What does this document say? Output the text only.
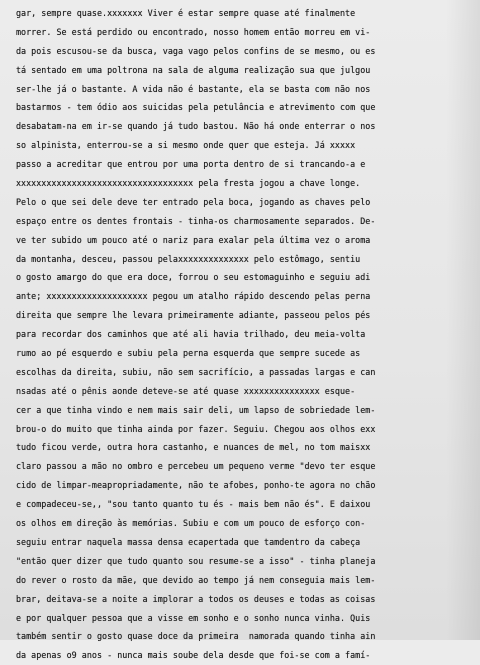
gar, sempre quase.xxxxxxx Viver é estar sempre quase até finalmente
morrer. Se está perdido ou encontrado, nosso homem então morreu em vi-
da pois escusou-se da busca, vaga vago pelos confins de se mesmo, ou es
tá sentado em uma poltrona na sala de alguma realização sua que julgou
ser-lhe já o bastante. A vida não é bastante, ela se basta com não nos
bastarmos - tem ódio aos suicidas pela petulância e atrevimento com que
desabatam-na em ir-se quando já tudo bastou. Não há onde enterrar o nos
so alpinista, enterrou-se a si mesmo onde quer que esteja. Já xxxxx
passo a acreditar que entrou por uma porta dentro de si trancando-a e
xxxxxxxxxxxxxxxxxxxxxxxxxxxxxxxxxxx pela fresta jogou a chave longe.
Pelo o que sei dele deve ter entrado pela boca, jogando as chaves pelo
espaço entre os dentes frontais - tinha-os charmosamente separados. De-
ve ter subido um pouco até o nariz para exalar pela última vez o aroma
da montanha, desceu, passou pelaxxxxxxxxxxxxxx pelo estômago, sentiu
o gosto amargo do que era doce, forrou o seu estomaguinho e seguiu adi
ante; xxxxxxxxxxxxxxxxxxxx pegou um atalho rápido descendo pelas perna
direita que sempre lhe levara primeiramente adiante, passeou pelos pés
para recordar dos caminhos que até ali havia trilhado, deu meia-volta
rumo ao pé esquerdo e subiu pela perna esquerda que sempre sucede as
escolhas da direita, subiu, não sem sacrifício, a passadas largas e can
nsadas até o pênis aonde deteve-se até quase xxxxxxxxxxxxxxx esque-
cer a que tinha vindo e nem mais sair deli, um lapso de sobriedade lem-
brou-o do muito que tinha ainda por fazer. Seguiu. Chegou aos olhos exx
tudo ficou verde, outra hora castanho, e nuances de mel, no tom maisxx
claro passou a mão no ombro e percebeu um pequeno verme "devo ter esque
cido de limpar-meapropriadamente, não te afobes, ponho-te agora no chão
e compadeceu-se,, "sou tanto quanto tu és - mais bem não és". E daixou
os olhos em direção às memórias. Subiu e com um pouco de esforço con-
seguiu entrar naquela massa densa ecapertada que tamdentro da cabeça
"então quer dizer que tudo quanto sou resume-se a isso" - tinha planeja
do rever o rosto da mãe, que devido ao tempo já nem conseguia mais lem-
brar, deitava-se a noite a implorar a todos os deuses e todas as coisas
e por qualquer pessoa que a visse em sonho e o sonho nunca vinha. Quis
também sentir o gosto quase doce da primeira  namorada quando tinha ain
da apenas o9 anos - nunca mais soube dela desde que foi-se com a famí-
